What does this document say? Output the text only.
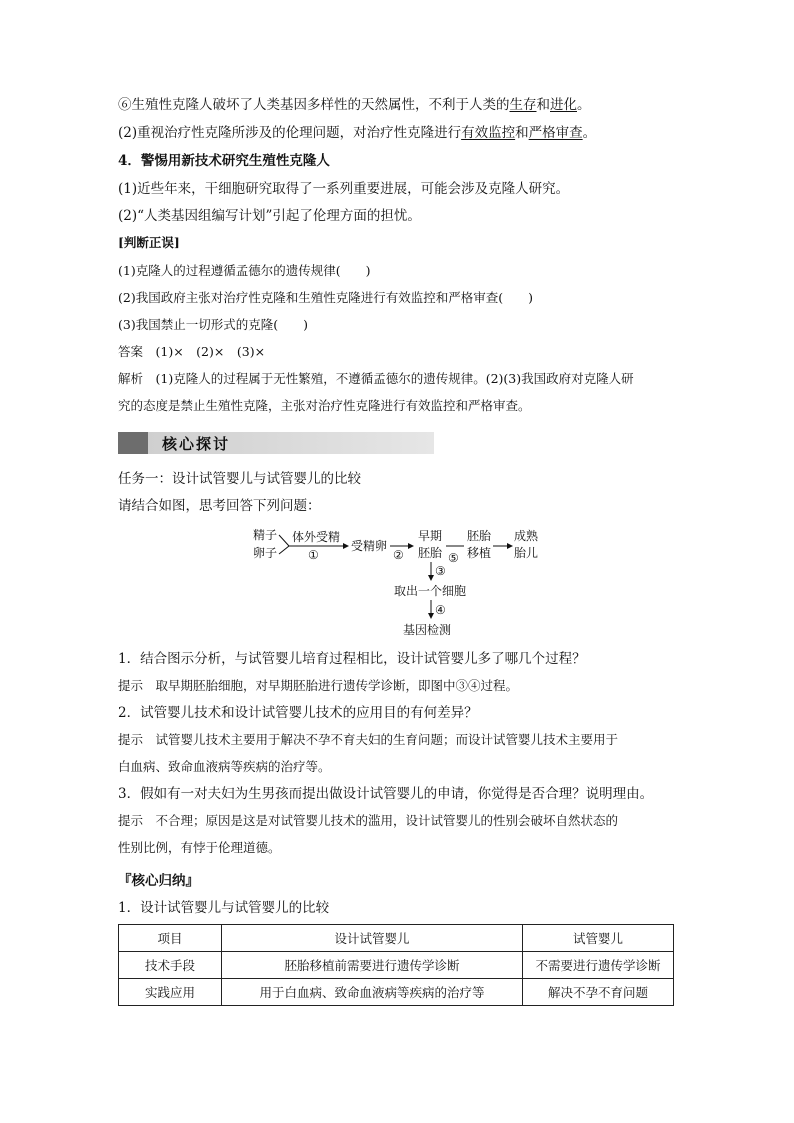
⑥生殖性克隆人破坏了人类基因多样性的天然属性，不利于人类的生存和进化。
(2)重视治疗性克隆所涉及的伦理问题，对治疗性克隆进行有效监控和严格审查。
4．警惕用新技术研究生殖性克隆人
(1)近些年来，干细胞研究取得了一系列重要进展，可能会涉及克隆人研究。
(2)“人类基因组编写计划”引起了伦理方面的担忧。
[判断正误]
(1)克隆人的过程遵循孟德尔的遗传规律(　　)
(2)我国政府主张对治疗性克隆和生殖性克隆进行有效监控和严格审查(　　)
(3)我国禁止一切形式的克隆(　　)
答案　(1)×　(2)×　(3)×
解析　(1)克隆人的过程属于无性繁殖，不遵循孟德尔的遗传规律。(2)(3)我国政府对克隆人研
究的态度是禁止生殖性克隆，主张对治疗性克隆进行有效监控和严格审查。
核心探讨
任务一：设计试管婴儿与试管婴儿的比较
请结合如图，思考回答下列问题：
精子
卵子
体外受精
①
受精卵
②
早期
胚胎 ⑤
胚胎
移植
成熟
胎儿
③
取出一个细胞
④
基因检测
1．结合图示分析，与试管婴儿培育过程相比，设计试管婴儿多了哪几个过程？
提示　取早期胚胎细胞，对早期胚胎进行遗传学诊断，即图中③④过程。
2．试管婴儿技术和设计试管婴儿技术的应用目的有何差异？
提示　试管婴儿技术主要用于解决不孕不育夫妇的生育问题；而设计试管婴儿技术主要用于
白血病、致命血液病等疾病的治疗等。
3．假如有一对夫妇为生男孩而提出做设计试管婴儿的申请，你觉得是否合理？说明理由。
提示　不合理；原因是这是对试管婴儿技术的滥用，设计试管婴儿的性别会破坏自然状态的
性别比例，有悖于伦理道德。
『核心归纳』
1．设计试管婴儿与试管婴儿的比较
项目	设计试管婴儿	试管婴儿
技术手段	胚胎移植前需要进行遗传学诊断	不需要进行遗传学诊断
实践应用	用于白血病、致命血液病等疾病的治疗等	解决不孕不育问题
